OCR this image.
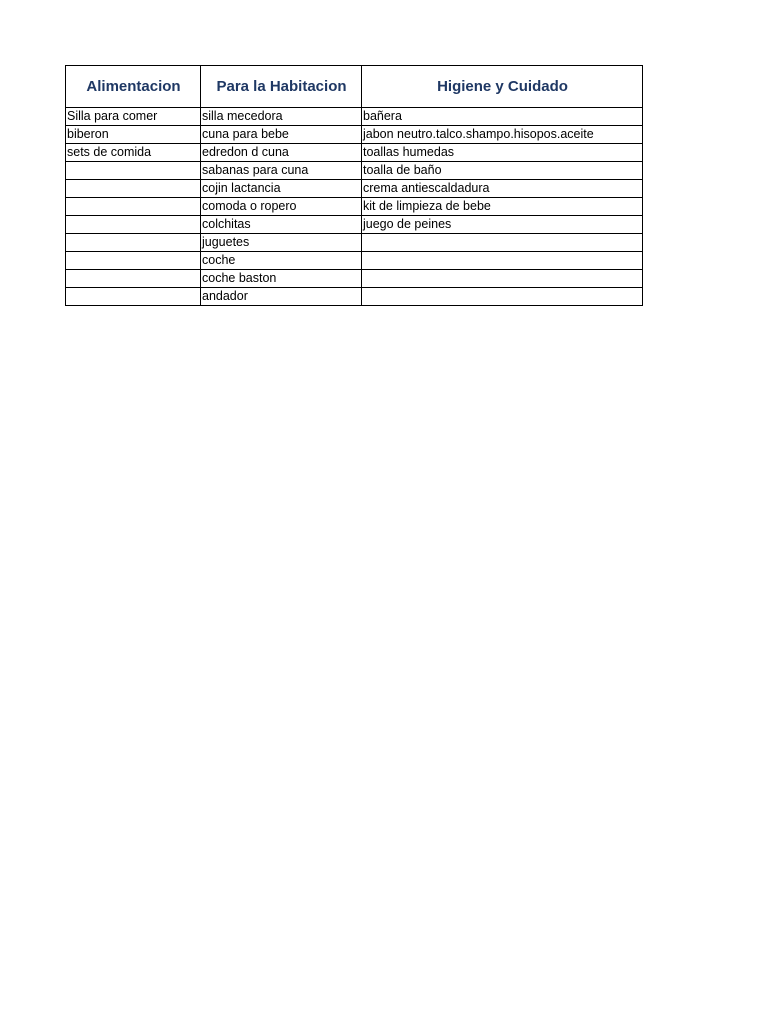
Alimentacion	Para la Habitacion	Higiene y Cuidado
Silla para comer	silla mecedora	bañera
biberon	cuna para bebe	jabon neutro.talco.shampo.hisopos.aceite
sets de comida	edredon d cuna	toallas humedas
	sabanas para cuna	toalla de baño
	cojin lactancia	crema antiescaldadura
	comoda o ropero	kit de limpieza de bebe
	colchitas	juego de peines
	juguetes	
	coche	
	coche baston	
	andador	
